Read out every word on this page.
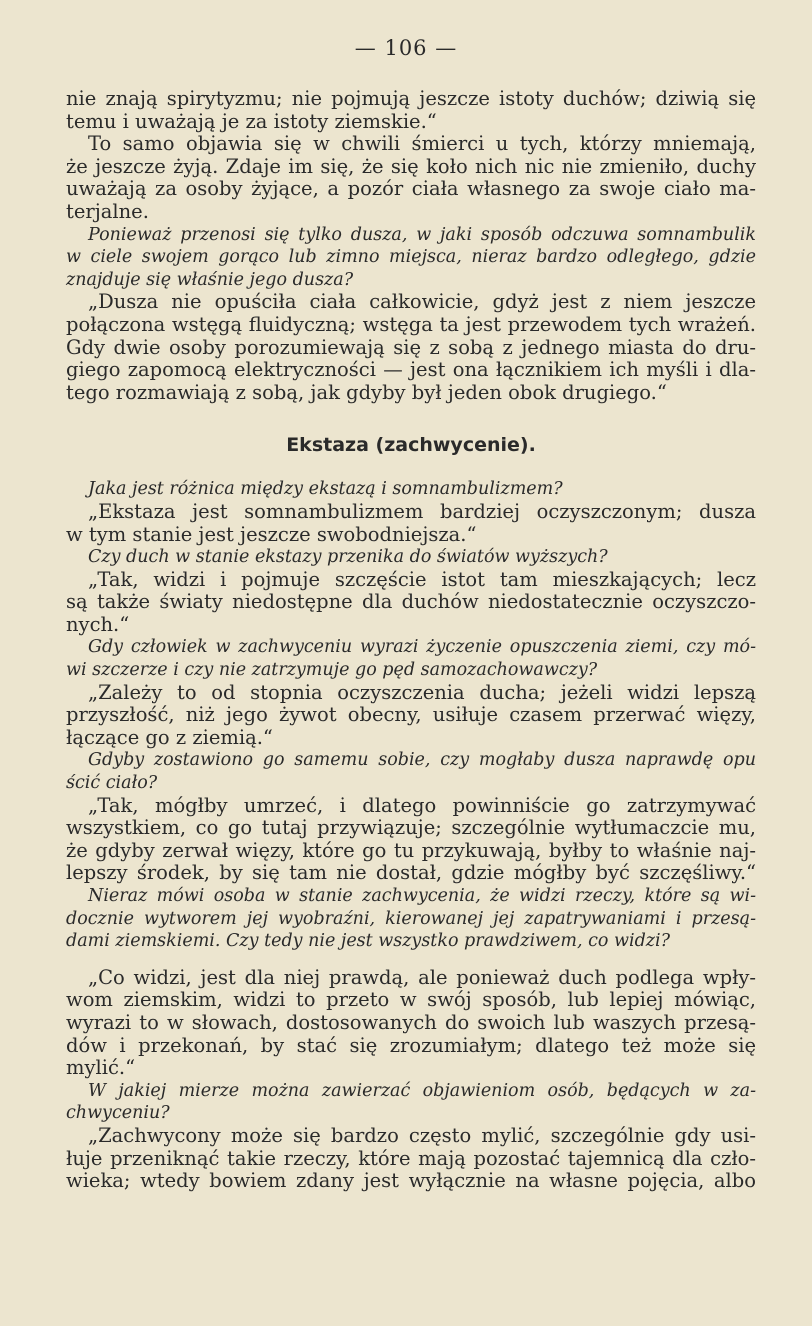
— 106 —
nie znają spirytyzmu; nie pojmują jeszcze istoty duchów; dziwią się
temu i uważają je za istoty ziemskie.“
To samo objawia się w chwili śmierci u tych, którzy mniemają,
że jeszcze żyją. Zdaje im się, że się koło nich nic nie zmieniło, duchy
uważają za osoby żyjące, a pozór ciała własnego za swoje ciało ma-
terjalne.
Ponieważ przenosi się tylko dusza, w jaki sposób odczuwa somnambulik
w ciele swojem gorąco lub zimno miejsca, nieraz bardzo odległego, gdzie
znajduje się właśnie jego dusza?
„Dusza nie opuściła ciała całkowicie, gdyż jest z niem jeszcze
połączona wstęgą fluidyczną; wstęga ta jest przewodem tych wrażeń.
Gdy dwie osoby porozumiewają się z sobą z jednego miasta do dru-
giego zapomocą elektryczności — jest ona łącznikiem ich myśli i dla-
tego rozmawiają z sobą, jak gdyby był jeden obok drugiego.“
Ekstaza (zachwycenie).
Jaka jest różnica między ekstazą i somnambulizmem?
„Ekstaza jest somnambulizmem bardziej oczyszczonym; dusza
w tym stanie jest jeszcze swobodniejsza.“
Czy duch w stanie ekstazy przenika do światów wyższych?
„Tak, widzi i pojmuje szczęście istot tam mieszkających; lecz
są także światy niedostępne dla duchów niedostatecznie oczyszczo-
nych.“
Gdy człowiek w zachwyceniu wyrazi życzenie opuszczenia ziemi, czy mó-
wi szczerze i czy nie zatrzymuje go pęd samozachowawczy?
„Zależy to od stopnia oczyszczenia ducha; jeżeli widzi lepszą
przyszłość, niż jego żywot obecny, usiłuje czasem przerwać więzy,
łączące go z ziemią.“
Gdyby zostawiono go samemu sobie, czy mogłaby dusza naprawdę opu
ścić ciało?
„Tak, mógłby umrzeć, i dlatego powinniście go zatrzymywać
wszystkiem, co go tutaj przywiązuje; szczególnie wytłumaczcie mu,
że gdyby zerwał więzy, które go tu przykuwają, byłby to właśnie naj-
lepszy środek, by się tam nie dostał, gdzie mógłby być szczęśliwy.“
Nieraz mówi osoba w stanie zachwycenia, że widzi rzeczy, które są wi-
docznie wytworem jej wyobraźni, kierowanej jej zapatrywaniami i przesą-
dami ziemskiemi. Czy tedy nie jest wszystko prawdziwem, co widzi?
„Co widzi, jest dla niej prawdą, ale ponieważ duch podlega wpły-
wom ziemskim, widzi to przeto w swój sposób, lub lepiej mówiąc,
wyrazi to w słowach, dostosowanych do swoich lub waszych przesą-
dów i przekonań, by stać się zrozumiałym; dlatego też może się
mylić.“
W jakiej mierze można zawierzać objawieniom osób, będących w za-
chwyceniu?
„Zachwycony może się bardzo często mylić, szczególnie gdy usi-
łuje przeniknąć takie rzeczy, które mają pozostać tajemnicą dla czło-
wieka; wtedy bowiem zdany jest wyłącznie na własne pojęcia, albo
